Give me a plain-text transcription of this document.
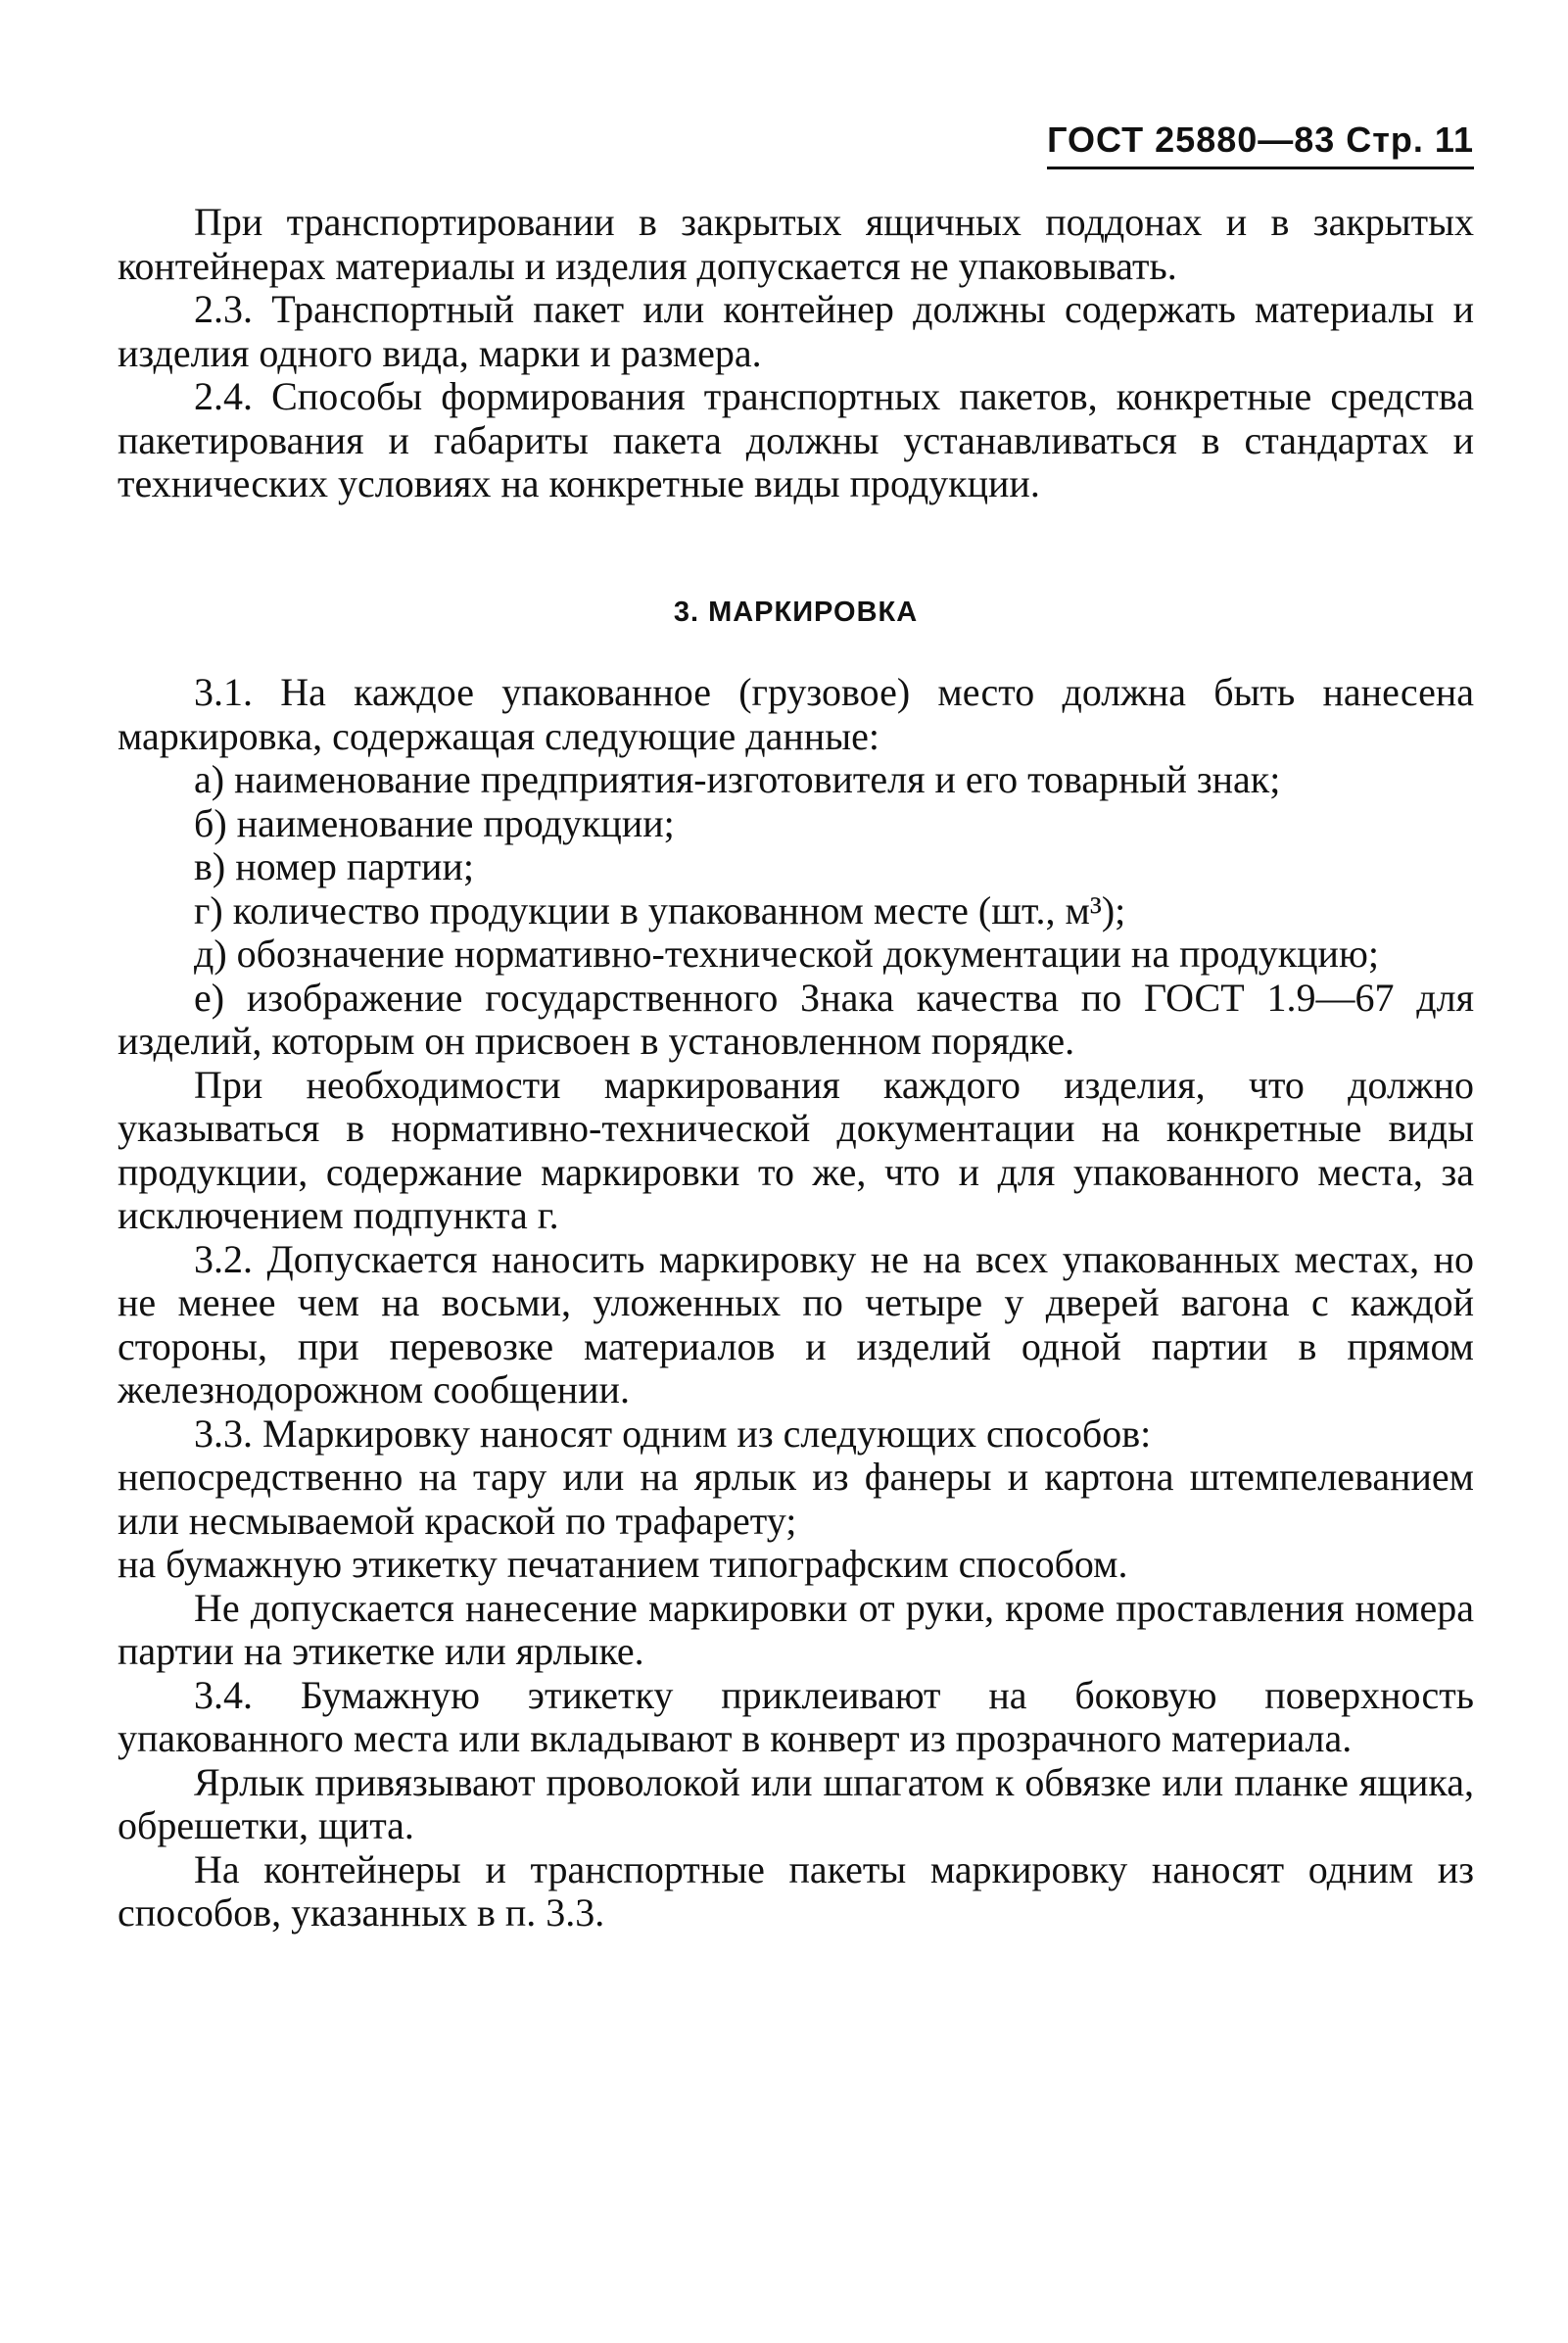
ГОСТ 25880—83 Стр. 11

При транспортировании в закрытых ящичных поддонах и в закрытых контейнерах материалы и изделия допускается не упаковывать.

2.3. Транспортный пакет или контейнер должны содержать материалы и изделия одного вида, марки и размера.

2.4. Способы формирования транспортных пакетов, конкретные средства пакетирования и габариты пакета должны устанавливаться в стандартах и технических условиях на конкретные виды продукции.

3. МАРКИРОВКА

3.1. На каждое упакованное (грузовое) место должна быть нанесена маркировка, содержащая следующие данные:

а) наименование предприятия-изготовителя и его товарный знак;

б) наименование продукции;

в) номер партии;

г) количество продукции в упакованном месте (шт., м³);

д) обозначение нормативно-технической документации на продукцию;

е) изображение государственного Знака качества по ГОСТ 1.9—67 для изделий, которым он присвоен в установленном порядке.

При необходимости маркирования каждого изделия, что должно указываться в нормативно-технической документации на конкретные виды продукции, содержание маркировки то же, что и для упакованного места, за исключением подпункта г.

3.2. Допускается наносить маркировку не на всех упакованных местах, но не менее чем на восьми, уложенных по четыре у дверей вагона с каждой стороны, при перевозке материалов и изделий одной партии в прямом железнодорожном сообщении.

3.3. Маркировку наносят одним из следующих способов:

непосредственно на тару или на ярлык из фанеры и картона штемпелеванием или несмываемой краской по трафарету;

на бумажную этикетку печатанием типографским способом.

Не допускается нанесение маркировки от руки, кроме проставления номера партии на этикетке или ярлыке.

3.4. Бумажную этикетку приклеивают на боковую поверхность упакованного места или вкладывают в конверт из прозрачного материала.

Ярлык привязывают проволокой или шпагатом к обвязке или планке ящика, обрешетки, щита.

На контейнеры и транспортные пакеты маркировку наносят одним из способов, указанных в п. 3.3.
